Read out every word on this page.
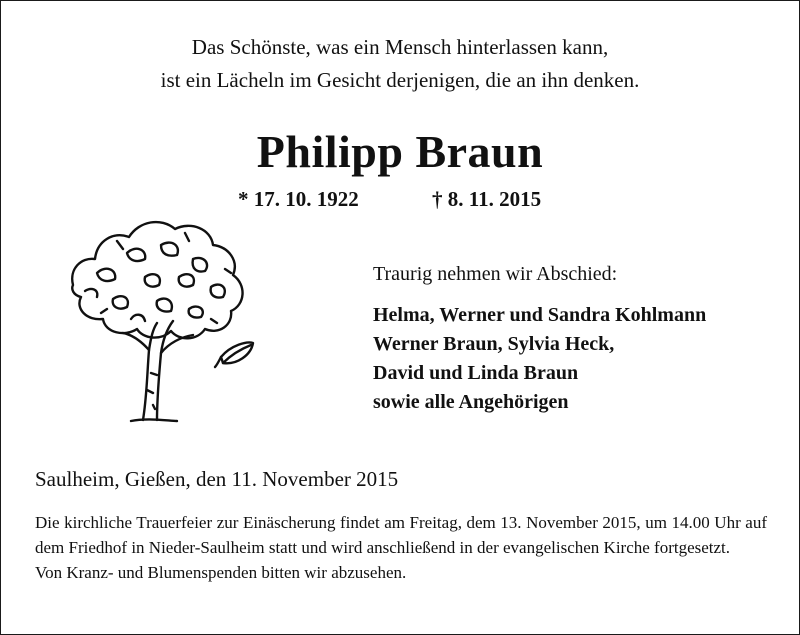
Das Schönste, was ein Mensch hinterlassen kann,
ist ein Lächeln im Gesicht derjenigen, die an ihn denken.
Philipp Braun
* 17. 10. 1922	† 8. 11. 2015
Traurig nehmen wir Abschied:
Helma, Werner und Sandra Kohlmann
Werner Braun, Sylvia Heck,
David und Linda Braun
sowie alle Angehörigen
Saulheim, Gießen, den 11. November 2015
Die kirchliche Trauerfeier zur Einäscherung findet am Freitag, dem 13. November 2015, um 14.00 Uhr auf dem Friedhof in Nieder-Saulheim statt und wird anschließend in der evangelischen Kirche fortgesetzt.
Von Kranz- und Blumenspenden bitten wir abzusehen.
